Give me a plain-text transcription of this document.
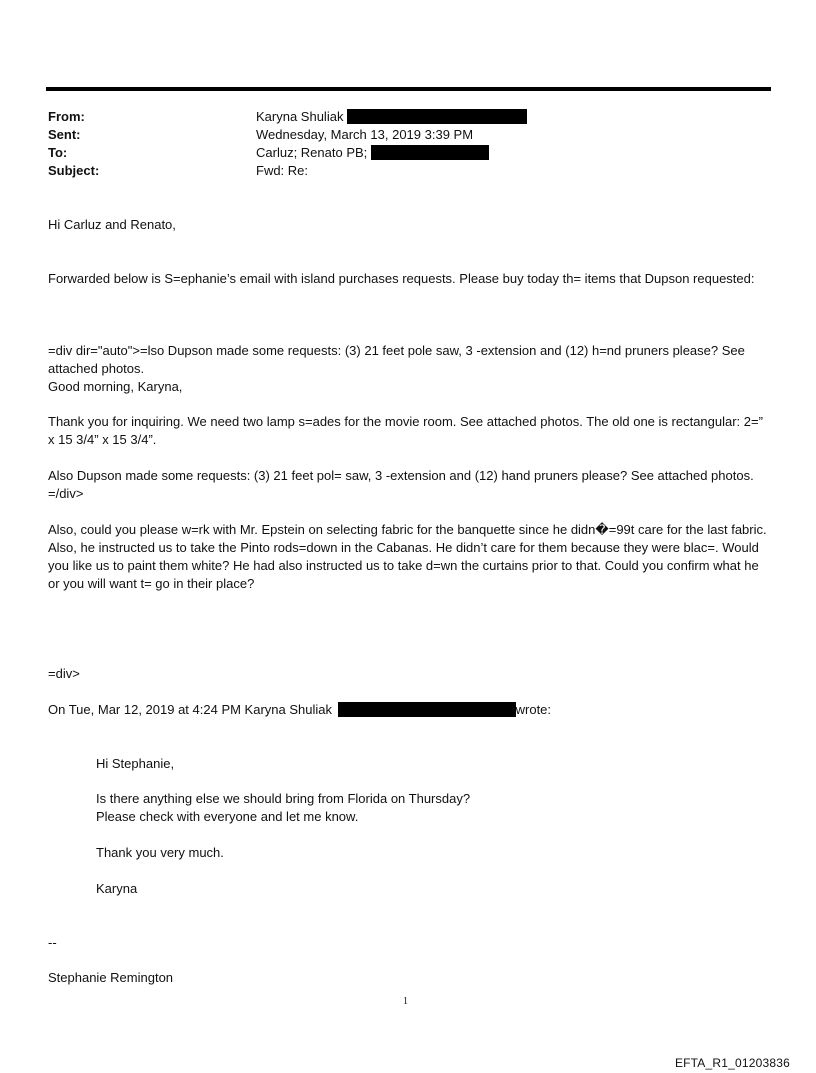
From:	Karyna Shuliak
Sent:	Wednesday, March 13, 2019 3:39 PM
To:	Carluz; Renato PB;
Subject:	Fwd: Re:
Hi Carluz and Renato,
Forwarded below is S=ephanie’s email with island purchases requests. Please buy today th= items that Dupson requested:
=div dir="auto">=lso Dupson made some requests: (3) 21 feet pole saw, 3 -extension and (12) h=nd pruners please? See attached photos.
Good morning, Karyna,
Thank you for inquiring. We need two lamp s=ades for the movie room. See attached photos. The old one is rectangular: 2=” x 15 3/4” x 15 3/4”.
Also Dupson made some requests: (3) 21 feet pol= saw, 3 -extension and (12) hand pruners please? See attached photos. =/div>
Also, could you please w=rk with Mr. Epstein on selecting fabric for the banquette since he didn�=99t care for the last fabric. Also, he instructed us to take the Pinto rods=down in the Cabanas. He didn’t care for them because they were blac=. Would you like us to paint them white? He had also instructed us to take d=wn the curtains prior to that. Could you confirm what he or you will want t= go in their place?
=div>
On Tue, Mar 12, 2019 at 4:24 PM Karyna Shuliak	wrote:
Hi Stephanie,
Is there anything else we should bring from Florida on Thursday?
Please check with everyone and let me know.
Thank you very much.
Karyna
--
Stephanie Remington
1
EFTA_R1_01203836
